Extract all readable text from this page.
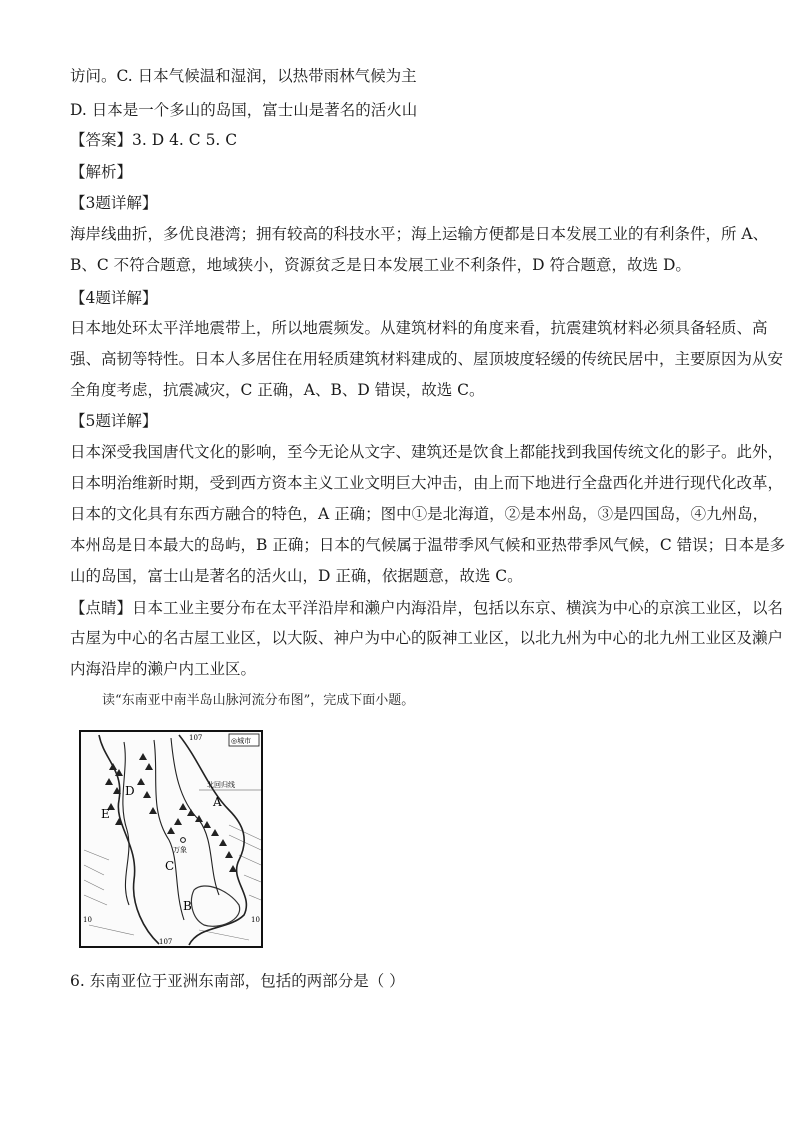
访问。C. 日本气候温和湿润，以热带雨林气候为主
D. 日本是一个多山的岛国，富士山是著名的活火山
【答案】3. D 4. C 5. C
【解析】
【3题详解】
海岸线曲折，多优良港湾；拥有较高的科技水平；海上运输方便都是日本发展工业的有利条件，所 A、
B、C 不符合题意，地域狭小，资源贫乏是日本发展工业不利条件，D 符合题意，故选 D。
【4题详解】
日本地处环太平洋地震带上，所以地震频发。从建筑材料的角度来看，抗震建筑材料必须具备轻质、高
强、高韧等特性。日本人多居住在用轻质建筑材料建成的、屋顶坡度轻缓的传统民居中，主要原因为从安
全角度考虑，抗震减灾，C 正确，A、B、D 错误，故选 C。
【5题详解】
日本深受我国唐代文化的影响，至今无论从文字、建筑还是饮食上都能找到我国传统文化的影子。此外，
日本明治维新时期，受到西方资本主义工业文明巨大冲击，由上而下地进行全盘西化并进行现代化改革，
日本的文化具有东西方融合的特色，A 正确；图中①是北海道，②是本州岛，③是四国岛，④九州岛，
本州岛是日本最大的岛屿，B 正确；日本的气候属于温带季风气候和亚热带季风气候，C 错误；日本是多
山的岛国，富士山是著名的活火山，D 正确，依据题意，故选 C。
【点睛】日本工业主要分布在太平洋沿岸和濑户内海沿岸，包括以东京、横滨为中心的京滨工业区，以名
古屋为中心的名古屋工业区，以大阪、神户为中心的阪神工业区，以北九州为中心的北九州工业区及濑户
内海沿岸的濑户内工业区。
读“东南亚中南半岛山脉河流分布图”，完成下面小题。
◎城市
107
107
10	10
北回归线
A
B
C
D
E
万象
6. 东南亚位于亚洲东南部，包括的两部分是（ ）
